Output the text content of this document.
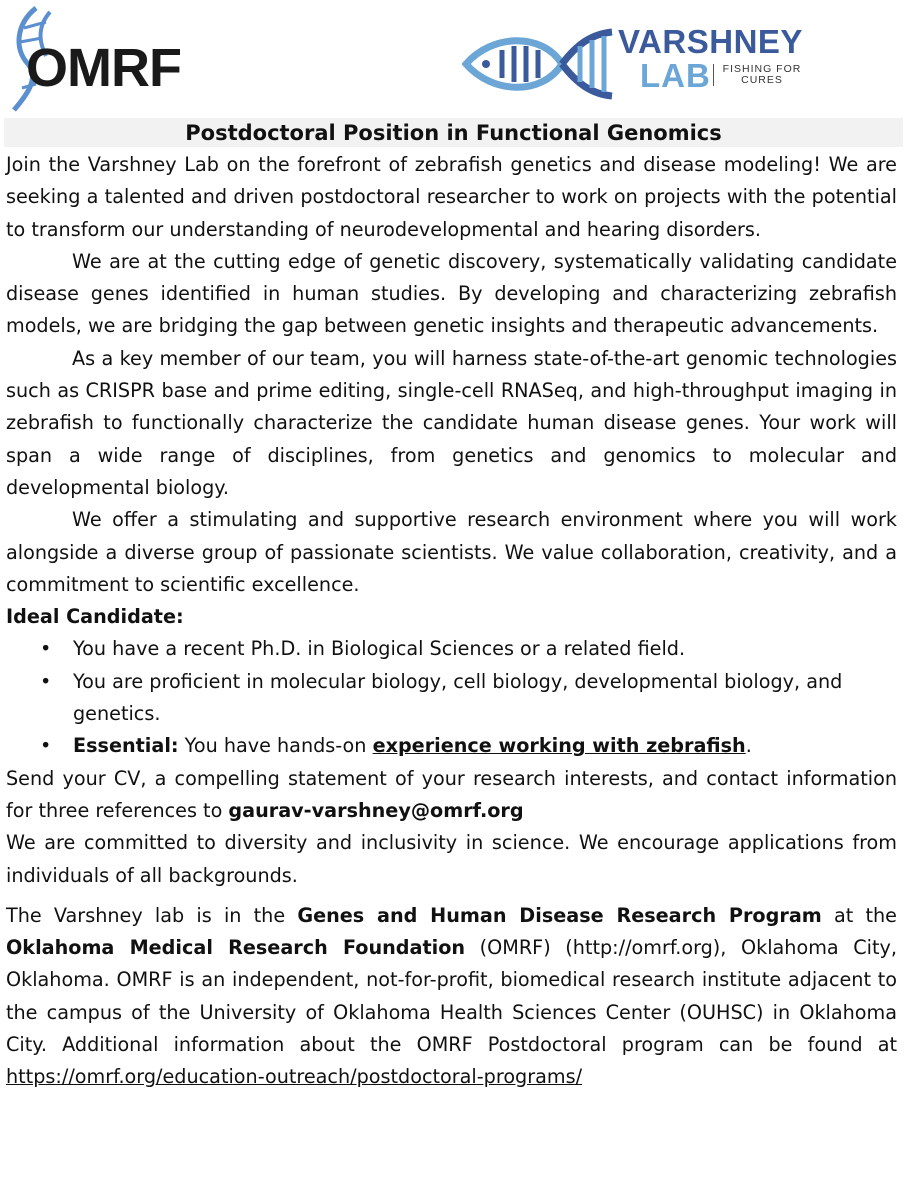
OMRF	VARSHNEY
LAB FISHING FOR
CURES
Postdoctoral Position in Functional Genomics

Join the Varshney Lab on the forefront of zebrafish genetics and disease modeling! We are seeking a talented and driven postdoctoral researcher to work on projects with the potential to transform our understanding of neurodevelopmental and hearing disorders.

We are at the cutting edge of genetic discovery, systematically validating candidate disease genes identified in human studies. By developing and characterizing zebrafish models, we are bridging the gap between genetic insights and therapeutic advancements.

As a key member of our team, you will harness state-of-the-art genomic technologies such as CRISPR base and prime editing, single-cell RNASeq, and high-throughput imaging in zebrafish to functionally characterize the candidate human disease genes. Your work will span a wide range of disciplines, from genetics and genomics to molecular and developmental biology.

We offer a stimulating and supportive research environment where you will work alongside a diverse group of passionate scientists. We value collaboration, creativity, and a commitment to scientific excellence.

Ideal Candidate:
• You have a recent Ph.D. in Biological Sciences or a related field.
• You are proficient in molecular biology, cell biology, developmental biology, and genetics.
• Essential: You have hands-on experience working with zebrafish.

Send your CV, a compelling statement of your research interests, and contact information for three references to gaurav-varshney@omrf.org

We are committed to diversity and inclusivity in science. We encourage applications from individuals of all backgrounds.

The Varshney lab is in the Genes and Human Disease Research Program at the Oklahoma Medical Research Foundation (OMRF) (http://omrf.org), Oklahoma City, Oklahoma. OMRF is an independent, not-for-profit, biomedical research institute adjacent to the campus of the University of Oklahoma Health Sciences Center (OUHSC) in Oklahoma City. Additional information about the OMRF Postdoctoral program can be found at https://omrf.org/education-outreach/postdoctoral-programs/
